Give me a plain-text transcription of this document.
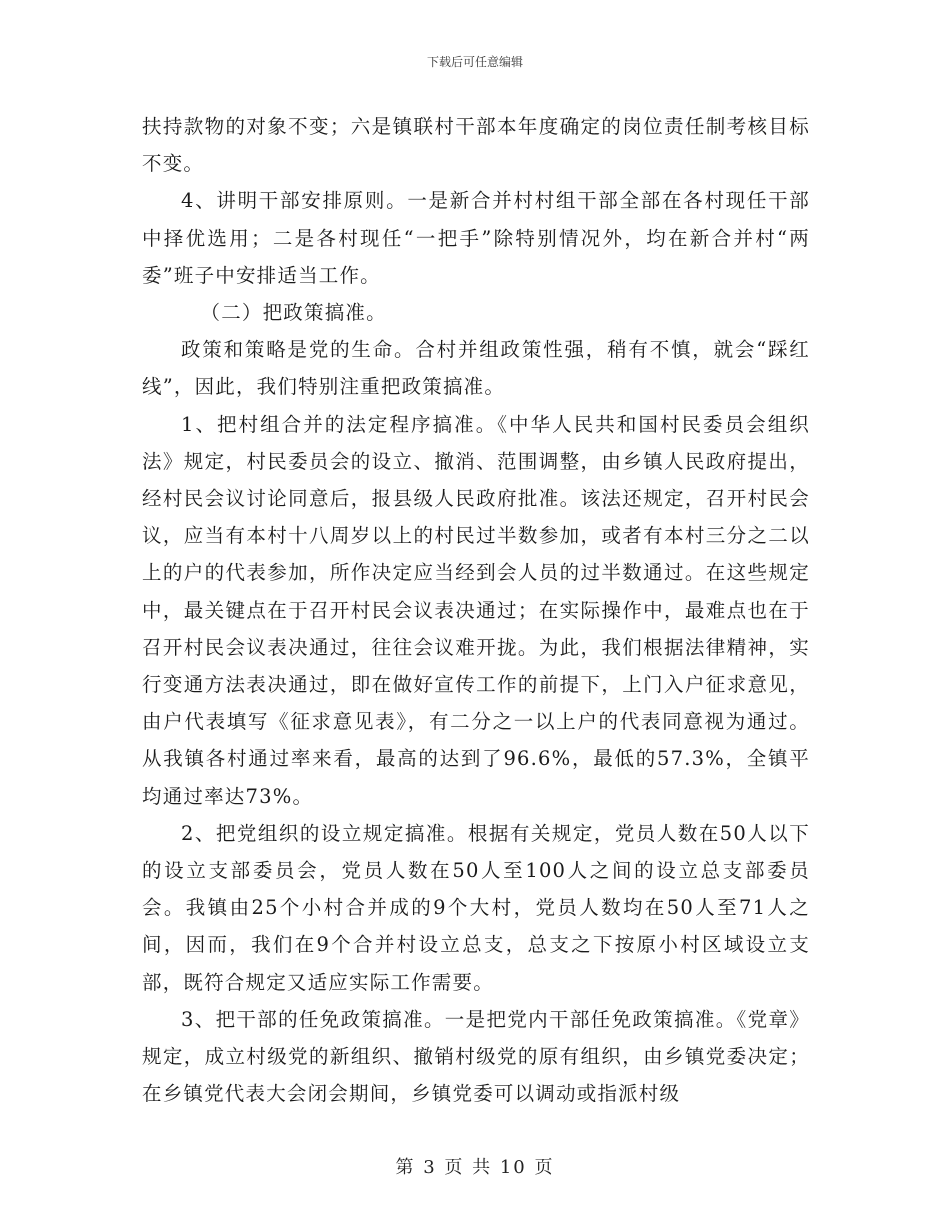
下载后可任意编辑

扶持款物的对象不变；六是镇联村干部本年度确定的岗位责任制考核目标不变。

4、讲明干部安排原则。一是新合并村村组干部全部在各村现任干部中择优选用；二是各村现任“一把手”除特别情况外，均在新合并村“两委”班子中安排适当工作。

（二）把政策搞准。

政策和策略是党的生命。合村并组政策性强，稍有不慎，就会“踩红线”，因此，我们特别注重把政策搞准。

1、把村组合并的法定程序搞准。《中华人民共和国村民委员会组织法》规定，村民委员会的设立、撤消、范围调整，由乡镇人民政府提出，经村民会议讨论同意后，报县级人民政府批准。该法还规定，召开村民会议，应当有本村十八周岁以上的村民过半数参加，或者有本村三分之二以上的户的代表参加，所作决定应当经到会人员的过半数通过。在这些规定中，最关键点在于召开村民会议表决通过；在实际操作中，最难点也在于召开村民会议表决通过，往往会议难开拢。为此，我们根据法律精神，实行变通方法表决通过，即在做好宣传工作的前提下，上门入户征求意见，由户代表填写《征求意见表》，有二分之一以上户的代表同意视为通过。从我镇各村通过率来看，最高的达到了96.6%，最低的57.3%，全镇平均通过率达73%。

2、把党组织的设立规定搞准。根据有关规定，党员人数在50人以下的设立支部委员会，党员人数在50人至100人之间的设立总支部委员会。我镇由25个小村合并成的9个大村，党员人数均在50人至71人之间，因而，我们在9个合并村设立总支，总支之下按原小村区域设立支部，既符合规定又适应实际工作需要。

3、把干部的任免政策搞准。一是把党内干部任免政策搞准。《党章》规定，成立村级党的新组织、撤销村级党的原有组织，由乡镇党委决定；在乡镇党代表大会闭会期间，乡镇党委可以调动或指派村级

第 3 页 共 10 页
